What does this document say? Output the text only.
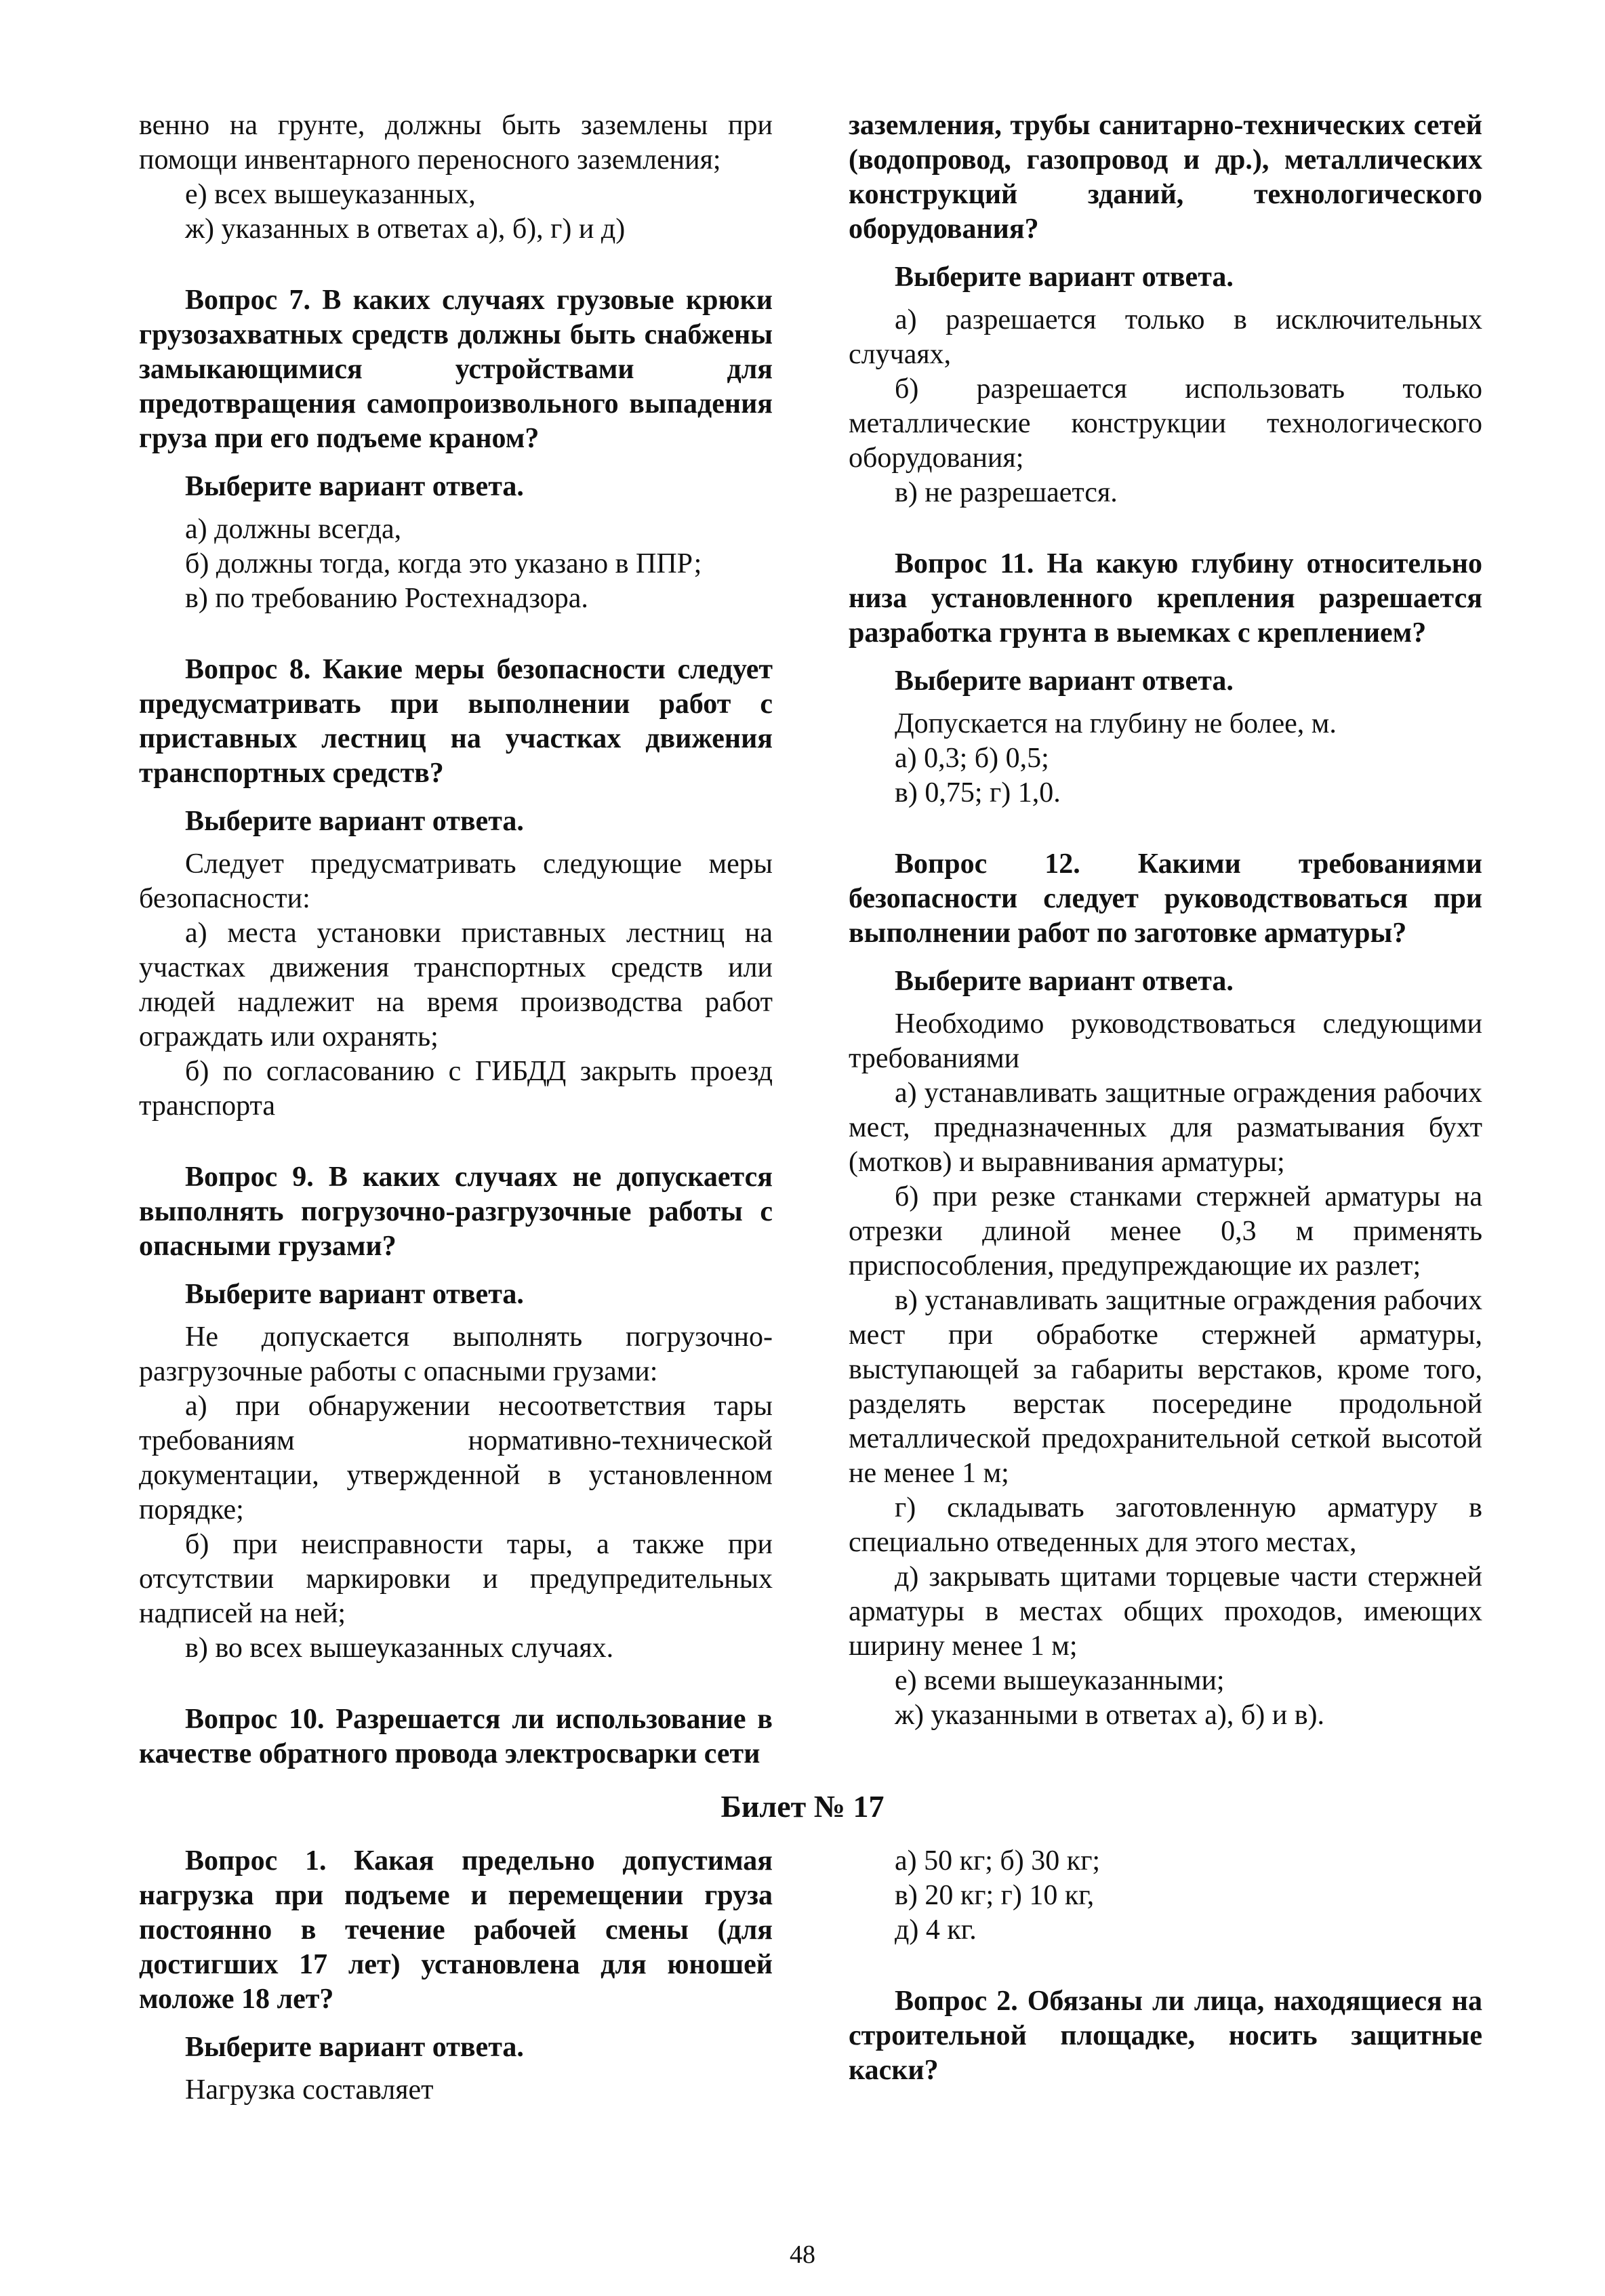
венно на грунте, должны быть заземлены при помощи инвентарного переносного заземления;

е) всех вышеуказанных,

ж) указанных в ответах а), б), г) и д)

Вопрос 7. В каких случаях грузовые крюки грузозахватных средств должны быть снабжены замыкающимися устройствами для предотвращения самопроизвольного выпадения груза при его подъеме краном?

Выберите вариант ответа.

а) должны всегда,

б) должны тогда, когда это указано в ППР;

в) по требованию Ростехнадзора.

Вопрос 8. Какие меры безопасности следует предусматривать при выполнении работ с приставных лестниц на участках движения транспортных средств?

Выберите вариант ответа.

Следует предусматривать следующие меры безопасности:

а) места установки приставных лестниц на участках движения транспортных средств или людей надлежит на время производства работ ограждать или охранять;

б) по согласованию с ГИБДД закрыть проезд транспорта

Вопрос 9. В каких случаях не допускается выполнять погрузочно-разгрузочные работы с опасными грузами?

Выберите вариант ответа.

Не допускается выполнять погрузочно-разгрузочные работы с опасными грузами:

а) при обнаружении несоответствия тары требованиям нормативно-технической документации, утвержденной в установленном порядке;

б) при неисправности тары, а также при отсутствии маркировки и предупредительных надписей на ней;

в) во всех вышеуказанных случаях.

Вопрос 10. Разрешается ли использование в качестве обратного провода электросварки сети

заземления, трубы санитарно-технических сетей (водопровод, газопровод и др.), металлических конструкций зданий, технологического оборудования?

Выберите вариант ответа.

а) разрешается только в исключительных случаях,

б) разрешается использовать только металлические конструкции технологического оборудования;

в) не разрешается.

Вопрос 11. На какую глубину относительно низа установленного крепления разрешается разработка грунта в выемках с креплением?

Выберите вариант ответа.

Допускается на глубину не более, м.

а) 0,3; б) 0,5;

в) 0,75; г) 1,0.

Вопрос 12. Какими требованиями безопасности следует руководствоваться при выполнении работ по заготовке арматуры?

Выберите вариант ответа.

Необходимо руководствоваться следующими требованиями

а) устанавливать защитные ограждения рабочих мест, предназначенных для разматывания бухт (мотков) и выравнивания арматуры;

б) при резке станками стержней арматуры на отрезки длиной менее 0,3 м применять приспособления, предупреждающие их разлет;

в) устанавливать защитные ограждения рабочих мест при обработке стержней арматуры, выступающей за габариты верстаков, кроме того, разделять верстак посередине продольной металлической предохранительной сеткой высотой не менее 1 м;

г) складывать заготовленную арматуру в специально отведенных для этого местах,

д) закрывать щитами торцевые части стержней арматуры в местах общих проходов, имеющих ширину менее 1 м;

е) всеми вышеуказанными;

ж) указанными в ответах а), б) и в).

Билет № 17

Вопрос 1. Какая предельно допустимая нагрузка при подъеме и перемещении груза постоянно в течение рабочей смены (для достигших 17 лет) установлена для юношей моложе 18 лет?

Выберите вариант ответа.

Нагрузка составляет

а) 50 кг; б) 30 кг;

в) 20 кг; г) 10 кг,

д) 4 кг.

Вопрос 2. Обязаны ли лица, находящиеся на строительной площадке, носить защитные каски?

48
